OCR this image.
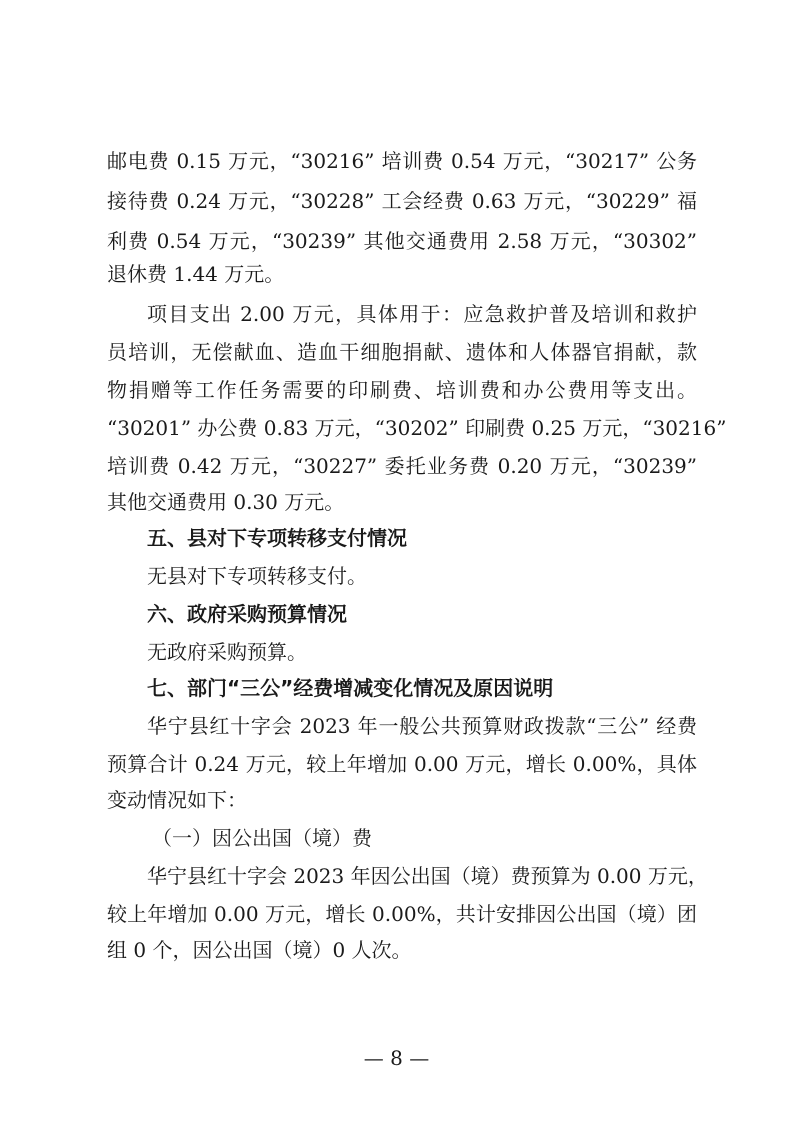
邮电费 0.15 万元，“30216” 培训费 0.54 万元，“30217” 公务
接待费 0.24 万元，“30228” 工会经费 0.63 万元，“30229” 福
利费 0.54 万元，“30239” 其他交通费用 2.58 万元，“30302”
退休费 1.44 万元。
项目支出 2.00 万元，具体用于：应急救护普及培训和救护
员培训，无偿献血、造血干细胞捐献、遗体和人体器官捐献，款
物捐赠等工作任务需要的印刷费、培训费和办公费用等支出。
“30201” 办公费 0.83 万元，“30202” 印刷费 0.25 万元，“30216”
培训费 0.42 万元，“30227” 委托业务费 0.20 万元，“30239”
其他交通费用 0.30 万元。
五、县对下专项转移支付情况
无县对下专项转移支付。
六、政府采购预算情况
无政府采购预算。
七、部门“三公”经费增减变化情况及原因说明
华宁县红十字会 2023 年一般公共预算财政拨款“三公” 经费
预算合计 0.24 万元，较上年增加 0.00 万元，增长 0.00%，具体
变动情况如下：
（一）因公出国（境）费
华宁县红十字会 2023 年因公出国（境）费预算为 0.00 万元，
较上年增加 0.00 万元，增长 0.00%，共计安排因公出国（境）团
组 0 个，因公出国（境）0 人次。
— 8 —
